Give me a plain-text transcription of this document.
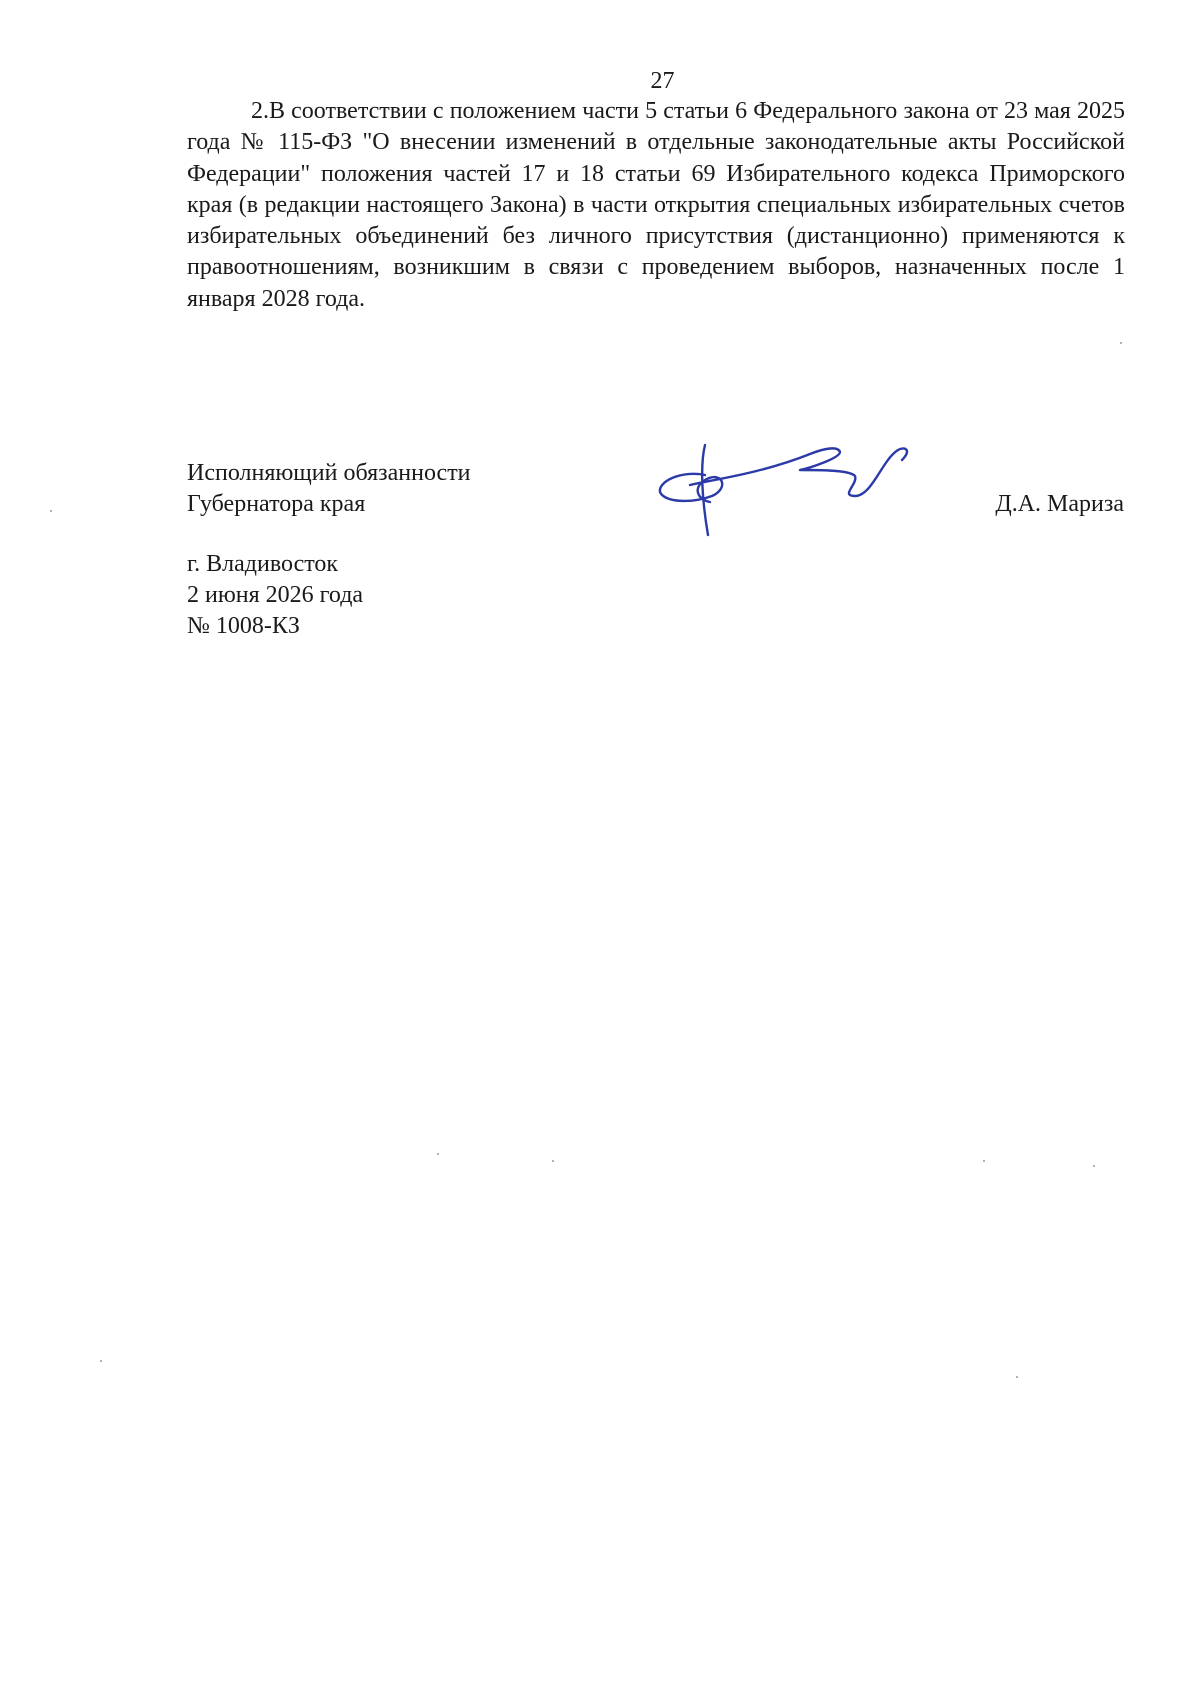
27

2.В соответствии с положением части 5 статьи 6 Федерального закона от 23 мая 2025 года № 115-ФЗ "О внесении изменений в отдельные законодательные акты Российской Федерации" положения частей 17 и 18 статьи 69 Избирательного кодекса Приморского края (в редакции настоящего Закона) в части открытия специальных избирательных счетов избирательных объединений без личного присутствия (дистанционно) применяются к правоотношениям, возникшим в связи с проведением выборов, назначенных после 1 января 2028 года.

Исполняющий обязанности
Губернатора края	Д.А. Мариза
г. Владивосток
2 июня 2026 года
№ 1008-КЗ
